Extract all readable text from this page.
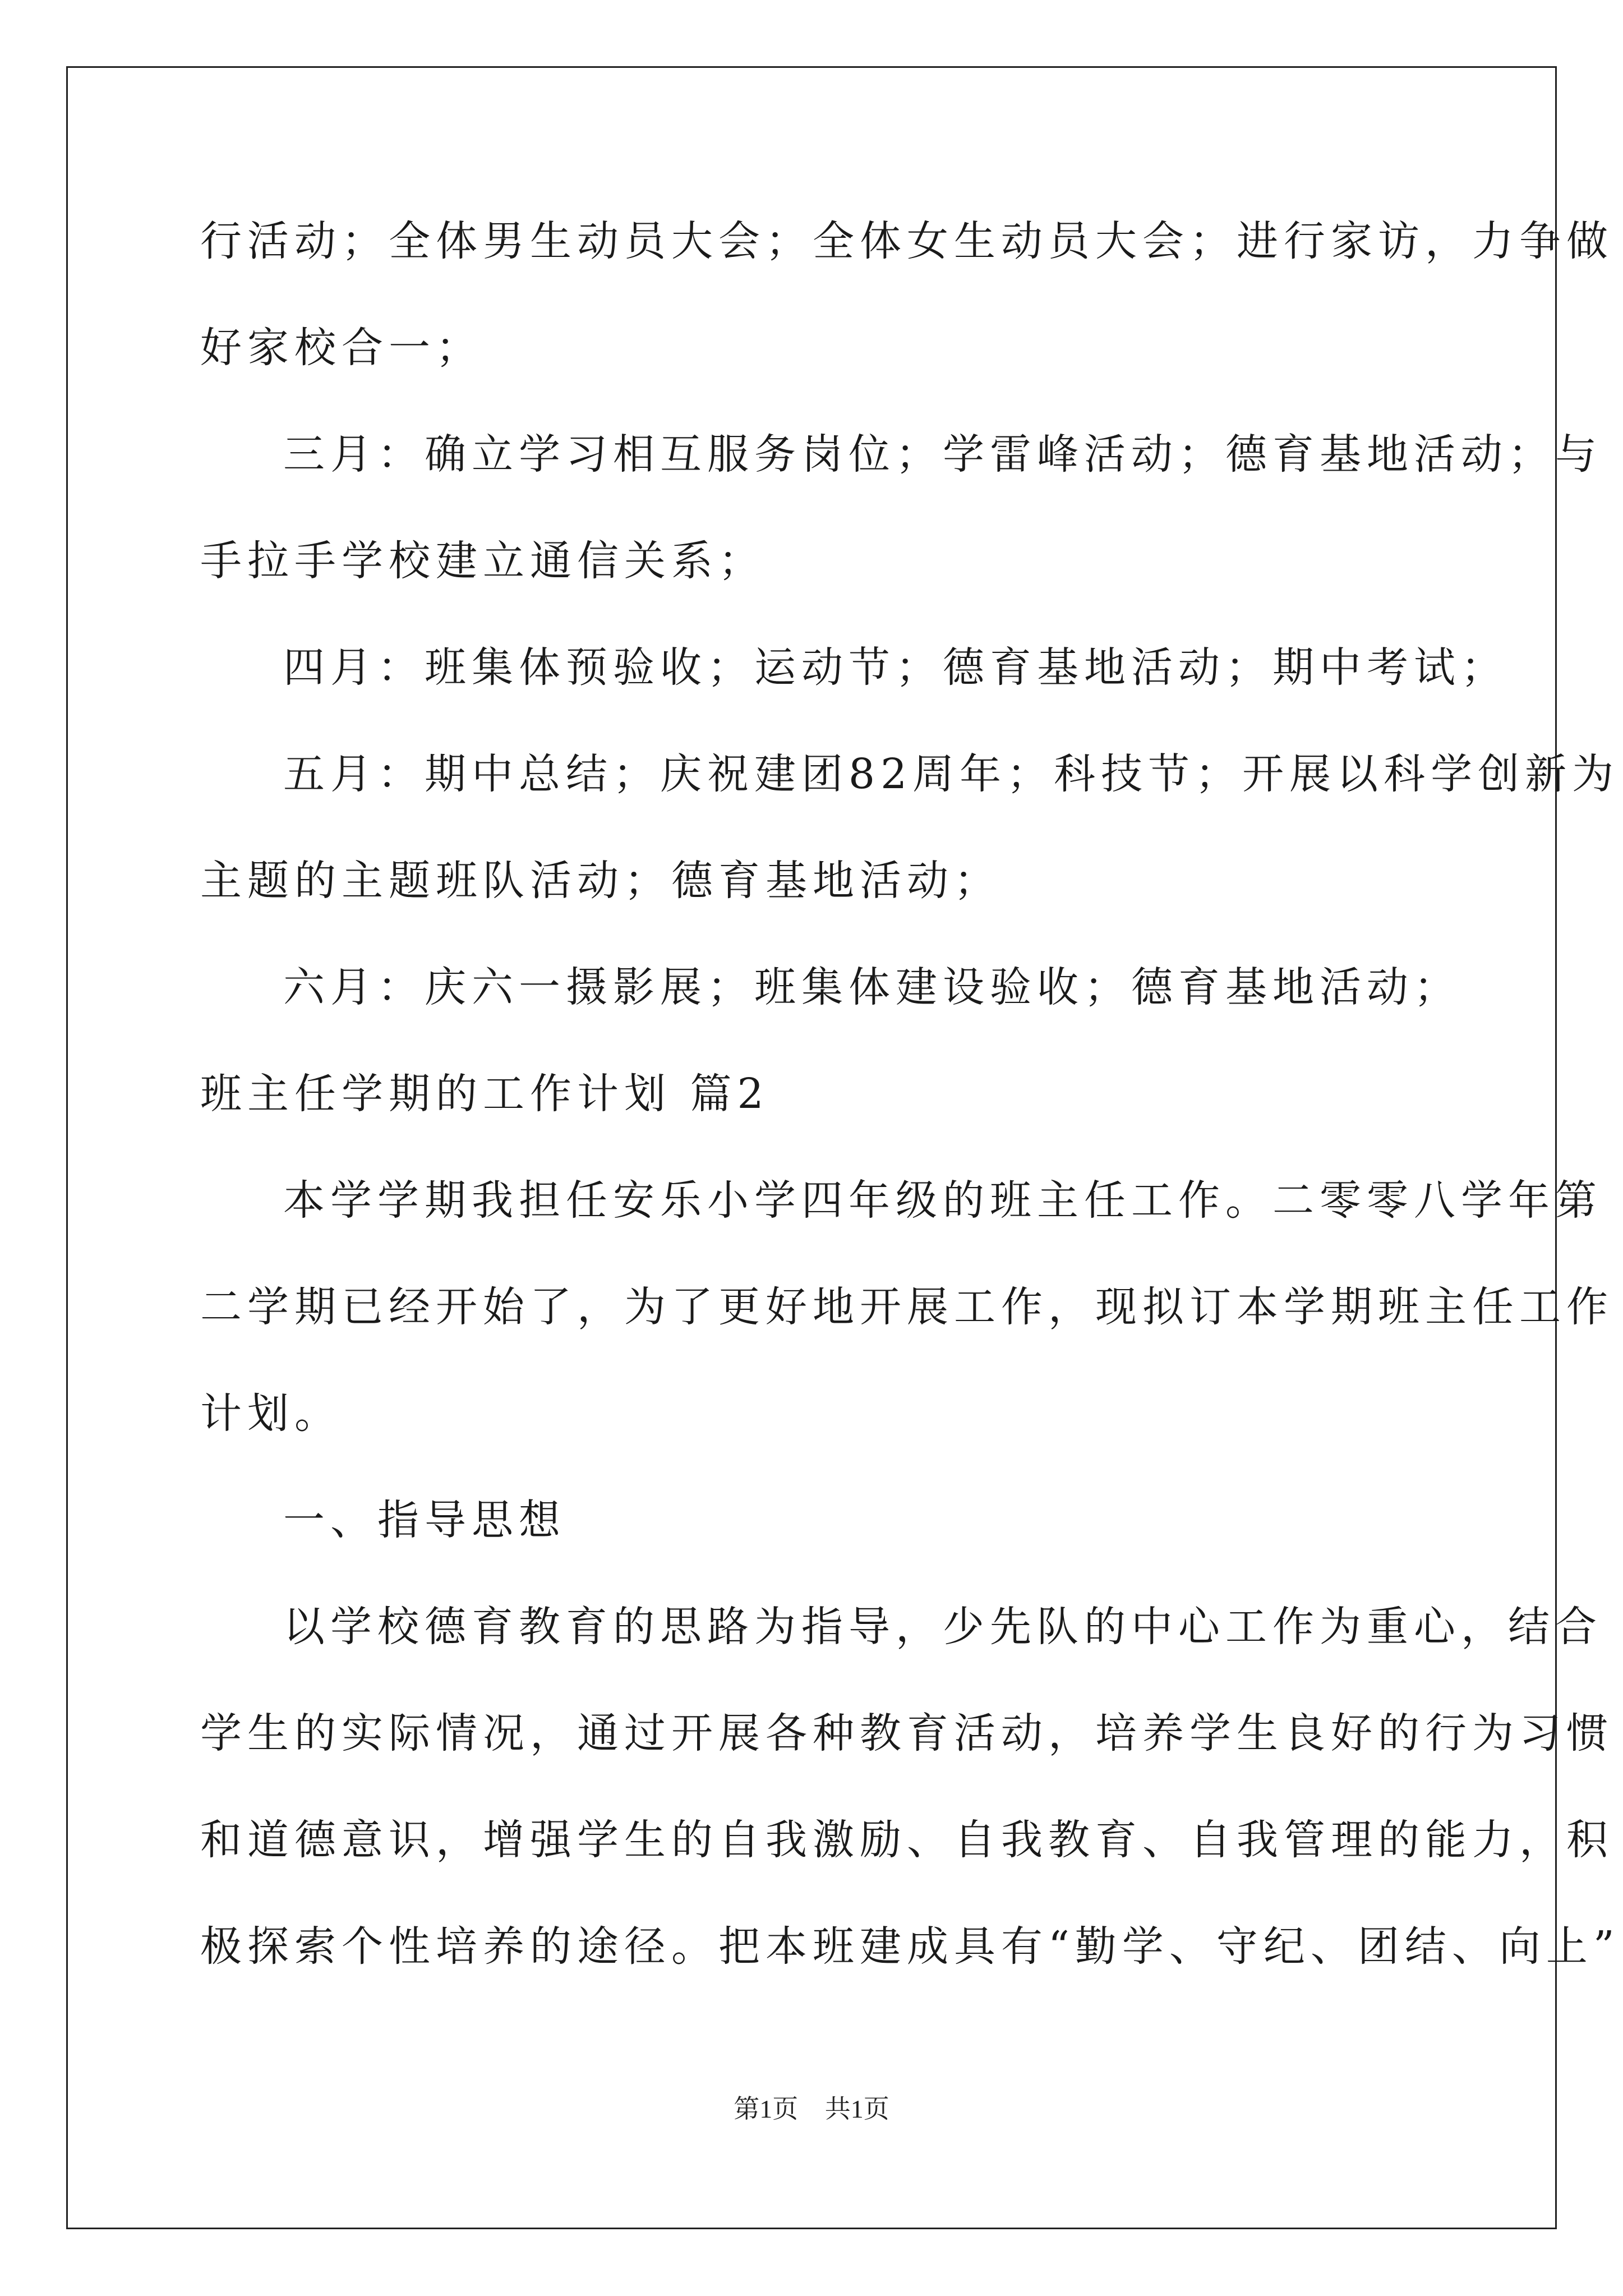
行活动；全体男生动员大会；全体女生动员大会；进行家访，力争做
好家校合一；
三月：确立学习相互服务岗位；学雷峰活动；德育基地活动；与
手拉手学校建立通信关系；
四月：班集体预验收；运动节；德育基地活动；期中考试；
五月：期中总结；庆祝建团82周年；科技节；开展以科学创新为
主题的主题班队活动；德育基地活动；
六月：庆六一摄影展；班集体建设验收；德育基地活动；
班主任学期的工作计划 篇2
本学学期我担任安乐小学四年级的班主任工作。二零零八学年第
二学期已经开始了，为了更好地开展工作，现拟订本学期班主任工作
计划。
一、指导思想
以学校德育教育的思路为指导，少先队的中心工作为重心，结合
学生的实际情况，通过开展各种教育活动，培养学生良好的行为习惯
和道德意识，增强学生的自我激励、自我教育、自我管理的能力，积
极探索个性培养的途径。把本班建成具有“勤学、守纪、团结、向上”
第1页 共1页
